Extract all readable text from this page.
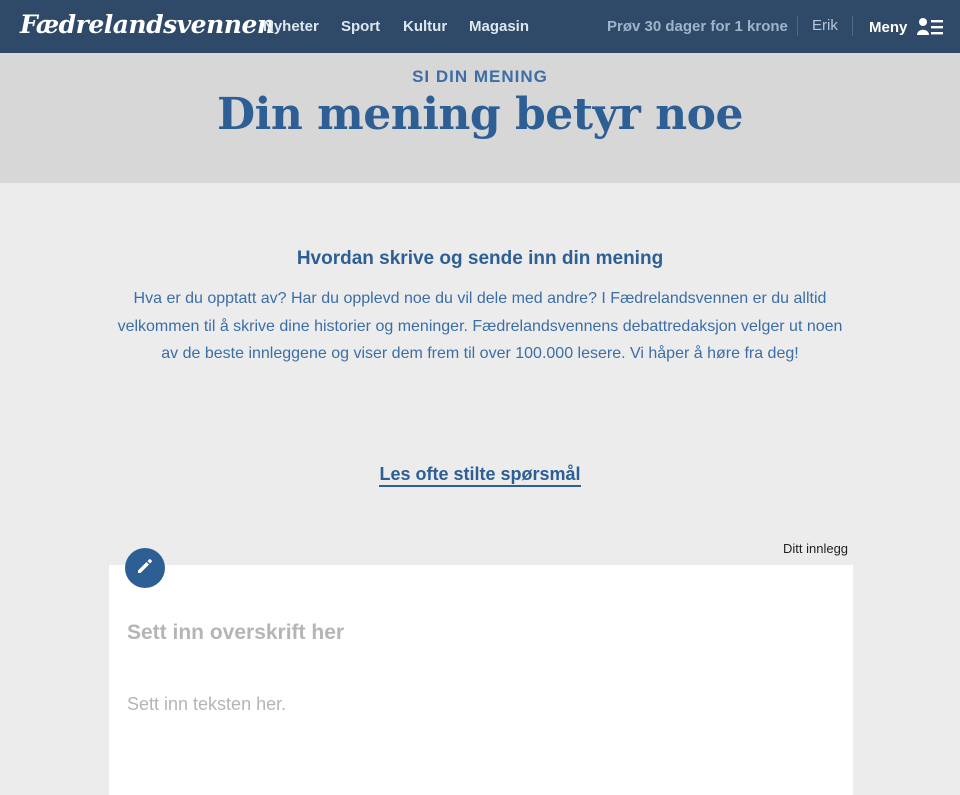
Fædrelandsvennen
Nyheter Sport Kultur Magasin	Prøv 30 dager for 1 krone Erik Meny
SI DIN MENING
Din mening betyr noe
Hvordan skrive og sende inn din mening

Hva er du opptatt av? Har du opplevd noe du vil dele med andre? I Fædrelandsvennen er du alltid velkommen til å skrive dine historier og meninger. Fædrelandsvennens debattredaksjon velger ut noen av de beste innleggene og viser dem frem til over 100.000 lesere. Vi håper å høre fra deg!

Les ofte stilte spørsmål
Ditt innlegg
Sett inn overskrift her
Sett inn teksten her.
